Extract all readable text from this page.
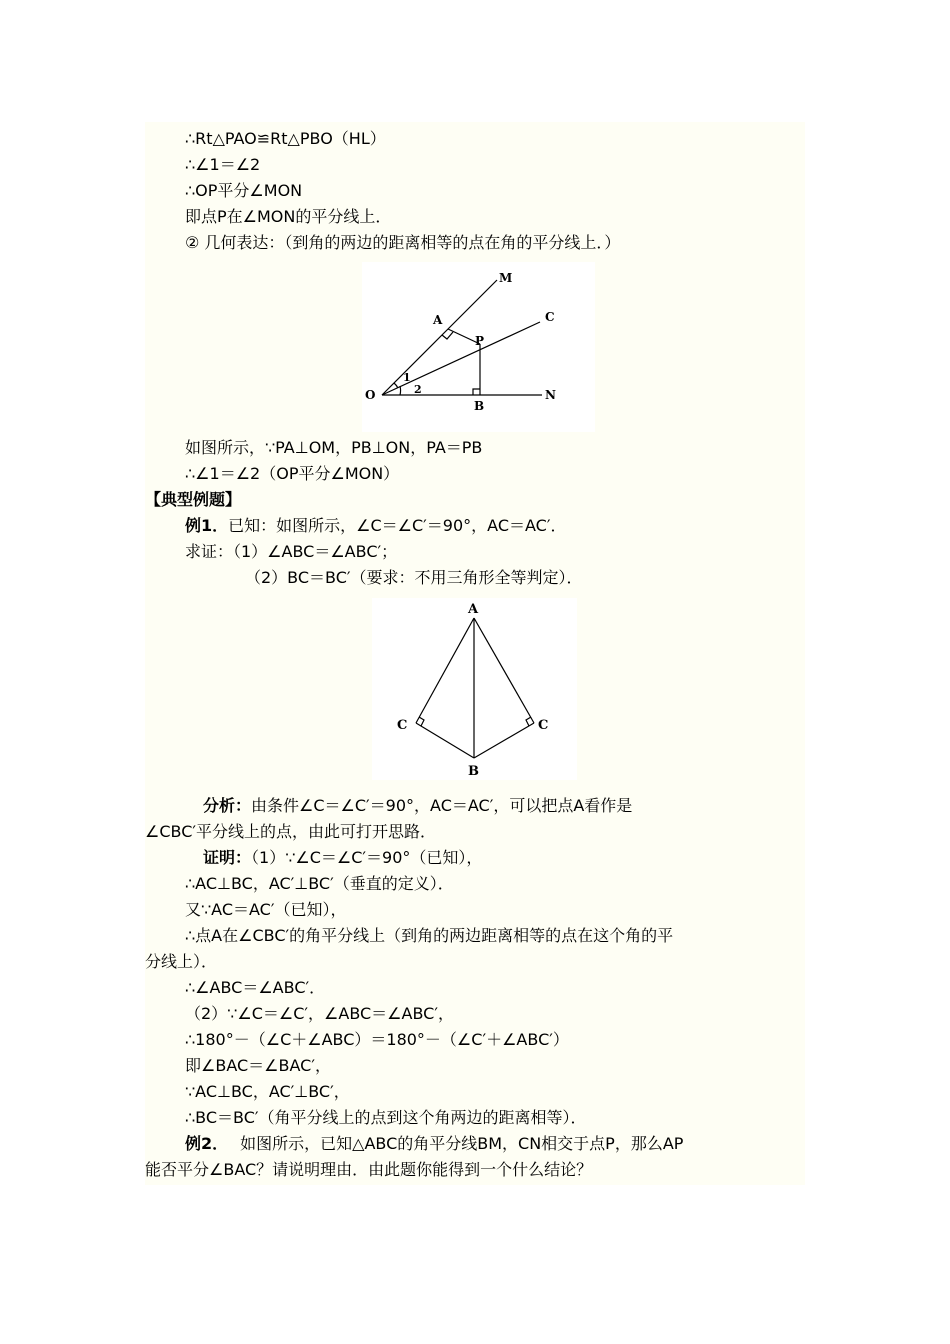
∴Rt△PAO≌Rt△PBO（HL）
∴∠1＝∠2
∴OP平分∠MON
即点P在∠MON的平分线上．
② 几何表达：（到角的两边的距离相等的点在角的平分线上．）
M
C
A
P
O
B
N
1
2
如图所示，∵PA⊥OM，PB⊥ON，PA＝PB
∴∠1＝∠2（OP平分∠MON）
【典型例题】
例1．已知：如图所示，∠C＝∠C′＝90°，AC＝AC′．
求证：（1）∠ABC＝∠ABC′；
（2）BC＝BC′（要求：不用三角形全等判定）．
A
C	C
B
分析：由条件∠C＝∠C′＝90°，AC＝AC′，可以把点A看作是
∠CBC′平分线上的点，由此可打开思路．
证明：（1）∵∠C＝∠C′＝90°（已知），
∴AC⊥BC，AC′⊥BC′（垂直的定义）．
又∵AC＝AC′（已知），
∴点A在∠CBC′的角平分线上（到角的两边距离相等的点在这个角的平
分线上）．
∴∠ABC＝∠ABC′．
（2）∵∠C＝∠C′，∠ABC＝∠ABC′，
∴180°－（∠C＋∠ABC）＝180°－（∠C′＋∠ABC′）
即∠BAC＝∠BAC′，
∵AC⊥BC，AC′⊥BC′，
∴BC＝BC′（角平分线上的点到这个角两边的距离相等）．
例2． 如图所示，已知△ABC的角平分线BM，CN相交于点P，那么AP
能否平分∠BAC？请说明理由．由此题你能得到一个什么结论？
